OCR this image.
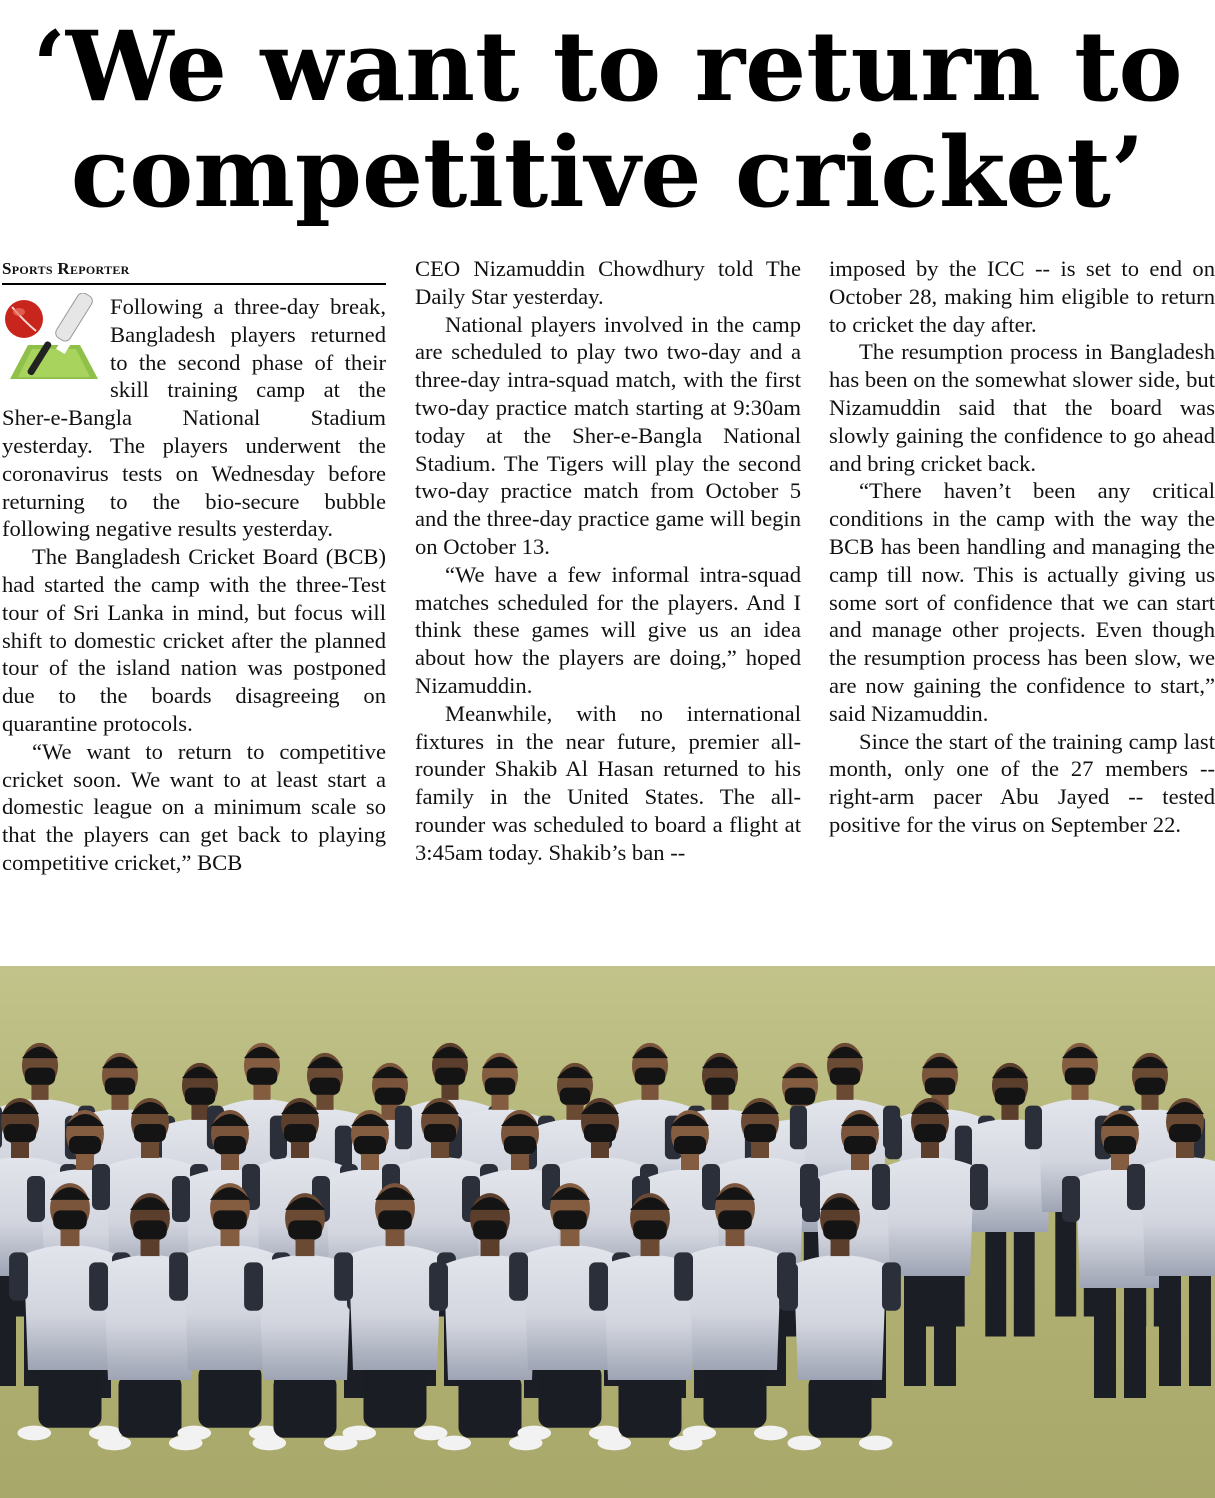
‘We want to return to
competitive cricket’
Sports Reporter

Following a three-day break, Bangladesh players returned to the second phase of their skill training camp at the Sher-e-Bangla National Stadium yesterday. The players underwent the coronavirus tests on Wednesday before returning to the bio-secure bubble following negative results yesterday.

The Bangladesh Cricket Board (BCB) had started the camp with the three-Test tour of Sri Lanka in mind, but focus will shift to domestic cricket after the planned tour of the island nation was postponed due to the boards disagreeing on quarantine protocols.

“We want to return to competitive cricket soon. We want to at least start a domestic league on a minimum scale so that the players can get back to playing competitive cricket,” BCB

CEO Nizamuddin Chowdhury told The Daily Star yesterday.

National players involved in the camp are scheduled to play two two-day and a three-day intra-squad match, with the first two-day practice match starting at 9:30am today at the Sher-e-Bangla National Stadium. The Tigers will play the second two-day practice match from October 5 and the three-day practice game will begin on October 13.

“We have a few informal intra-squad matches scheduled for the players. And I think these games will give us an idea about how the players are doing,” hoped Nizamuddin.

Meanwhile, with no international fixtures in the near future, premier all-rounder Shakib Al Hasan returned to his family in the United States. The all-rounder was scheduled to board a flight at 3:45am today. Shakib’s ban --

imposed by the ICC -- is set to end on October 28, making him eligible to return to cricket the day after.

The resumption process in Bangladesh has been on the somewhat slower side, but Nizamuddin said that the board was slowly gaining the confidence to go ahead and bring cricket back.

“There haven’t been any critical conditions in the camp with the way the BCB has been handling and managing the camp till now. This is actually giving us some sort of confidence that we can start and manage other projects. Even though the resumption process has been slow, we are now gaining the confidence to start,” said Nizamuddin.

Since the start of the training camp last month, only one of the 27 members -- right-arm pacer Abu Jayed -- tested positive for the virus on September 22.
